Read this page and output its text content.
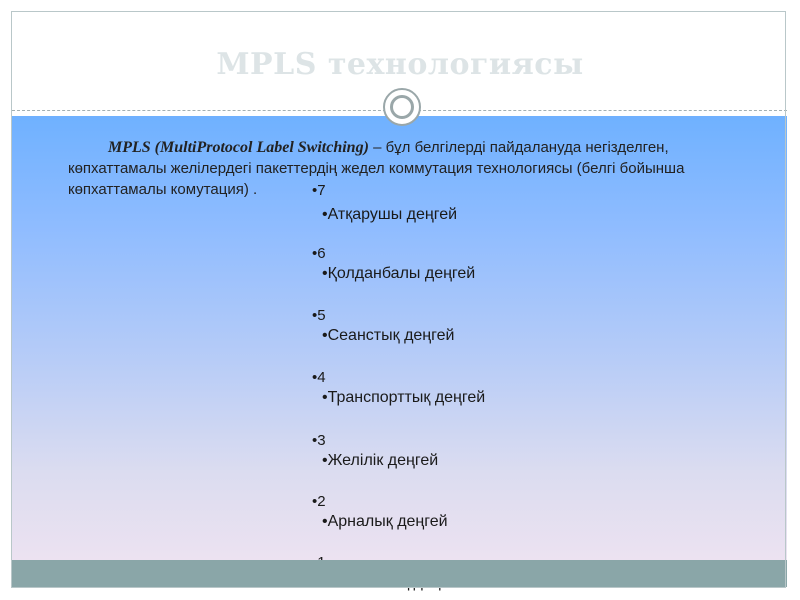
MPLS технологиясы
•7
•Атқарушы деңгей
•6
•Қолданбалы деңгей
•5
•Сеанстық деңгей
•4
•Транспорттық деңгей
•3
•Желілік деңгей
•2
•Арналық деңгей
MPLS (MultiProtocol Label Switching) – бұл белгілерді пайдаланудa негізделген, көпхаттамалы желілердегі пакеттердің жедел коммутация технологиясы (белгі бойынша көпхаттамалы комутация) .
